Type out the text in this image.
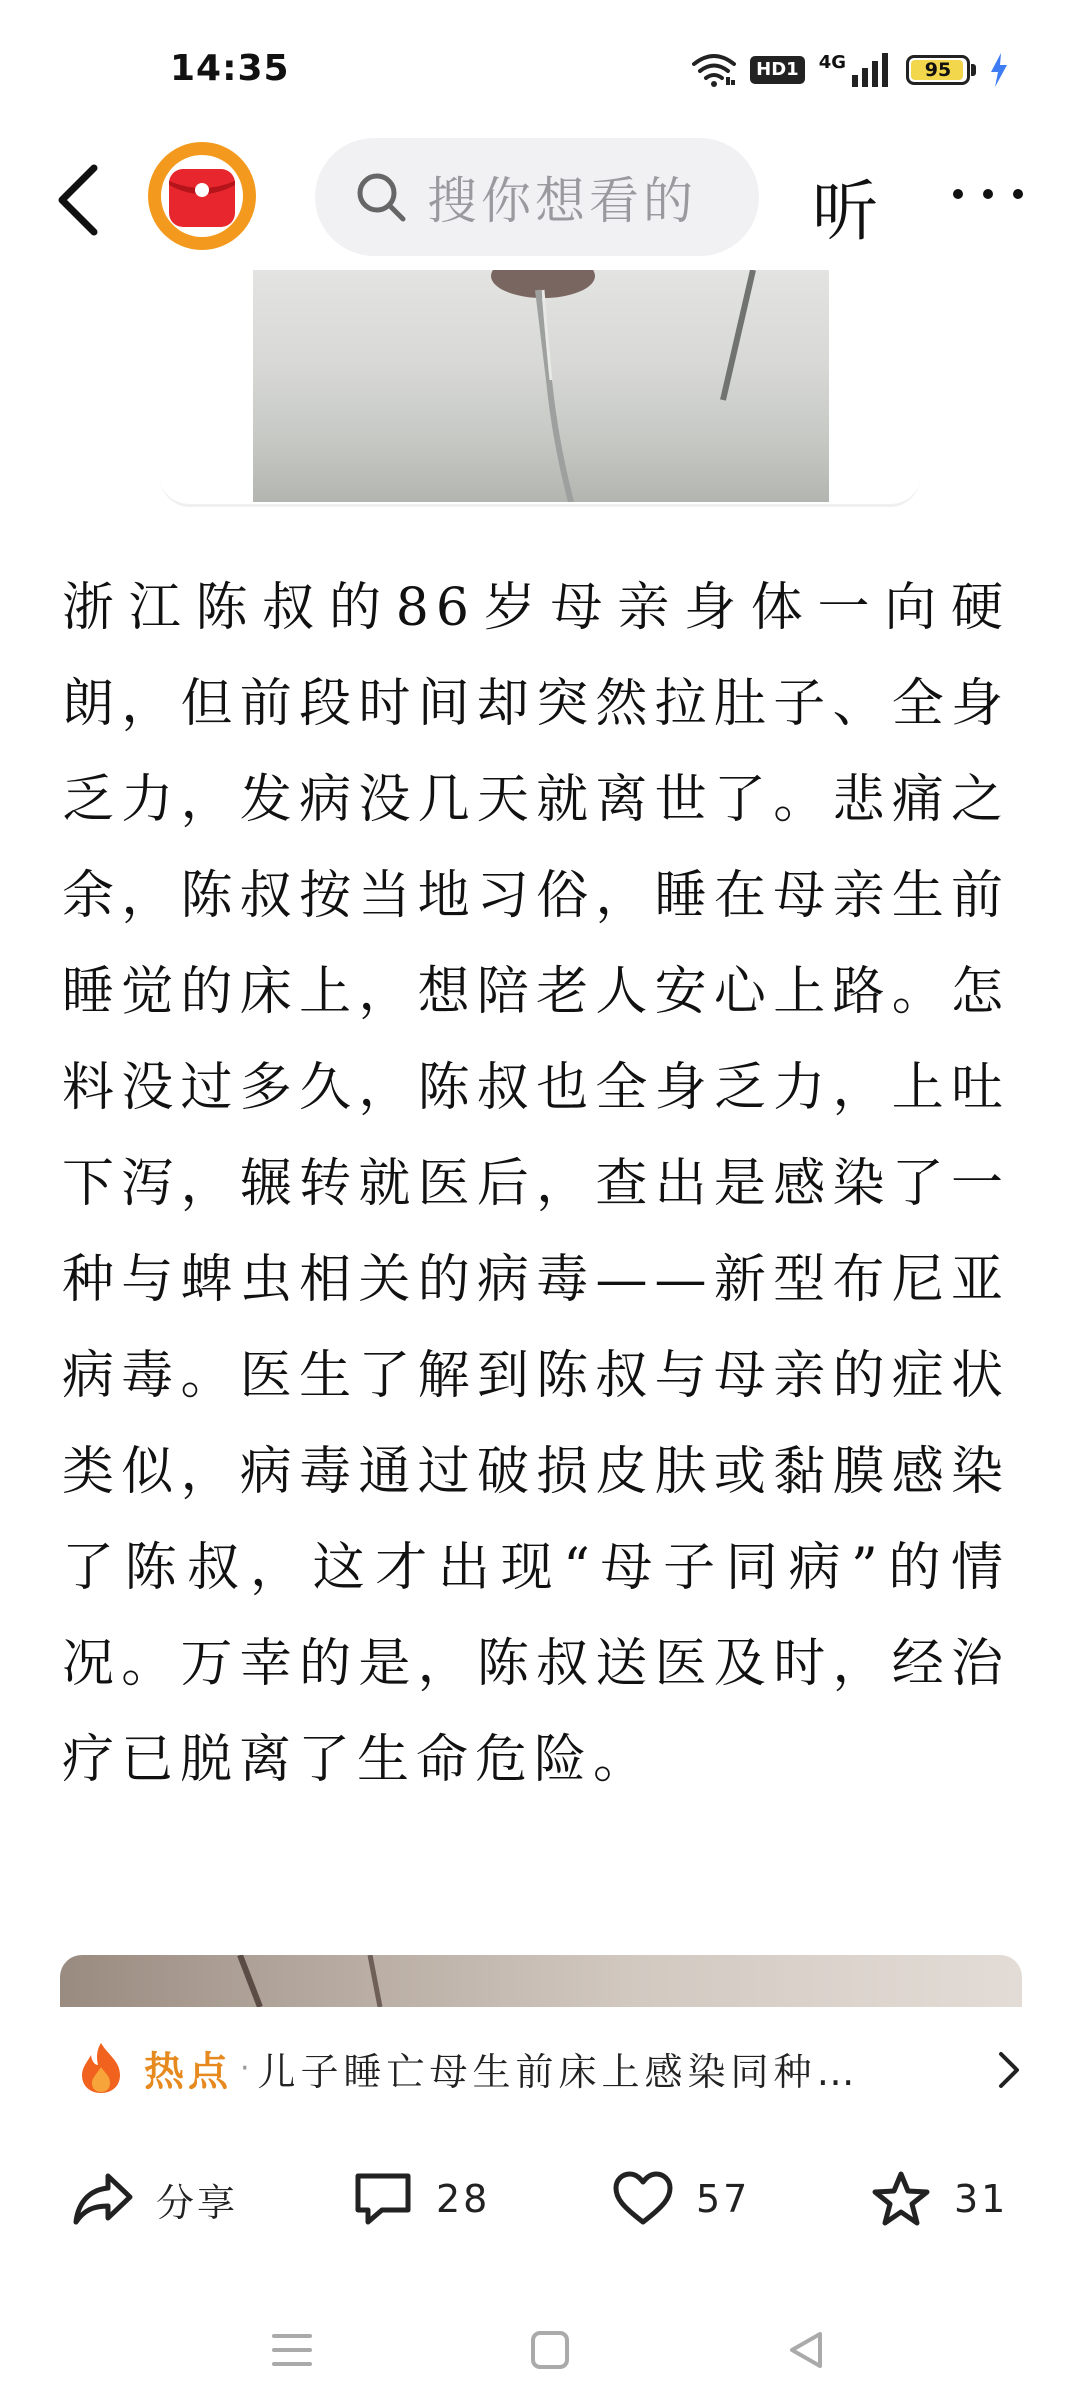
14:35	HD1	4G	95
搜你想看的 听

浙江陈叔的86岁母亲身体一向硬朗，但前段时间却突然拉肚子、全身乏力，发病没几天就离世了。悲痛之余，陈叔按当地习俗，睡在母亲生前睡觉的床上，想陪老人安心上路。怎料没过多久，陈叔也全身乏力，上吐下泻，辗转就医后，查出是感染了一种与蜱虫相关的病毒——新型布尼亚病毒。医生了解到陈叔与母亲的症状类似，病毒通过破损皮肤或黏膜感染了陈叔，这才出现“母子同病”的情况。万幸的是，陈叔送医及时，经治疗已脱离了生命危险。

热点 · 儿子睡亡母生前床上感染同种…
分享	28	57	31
